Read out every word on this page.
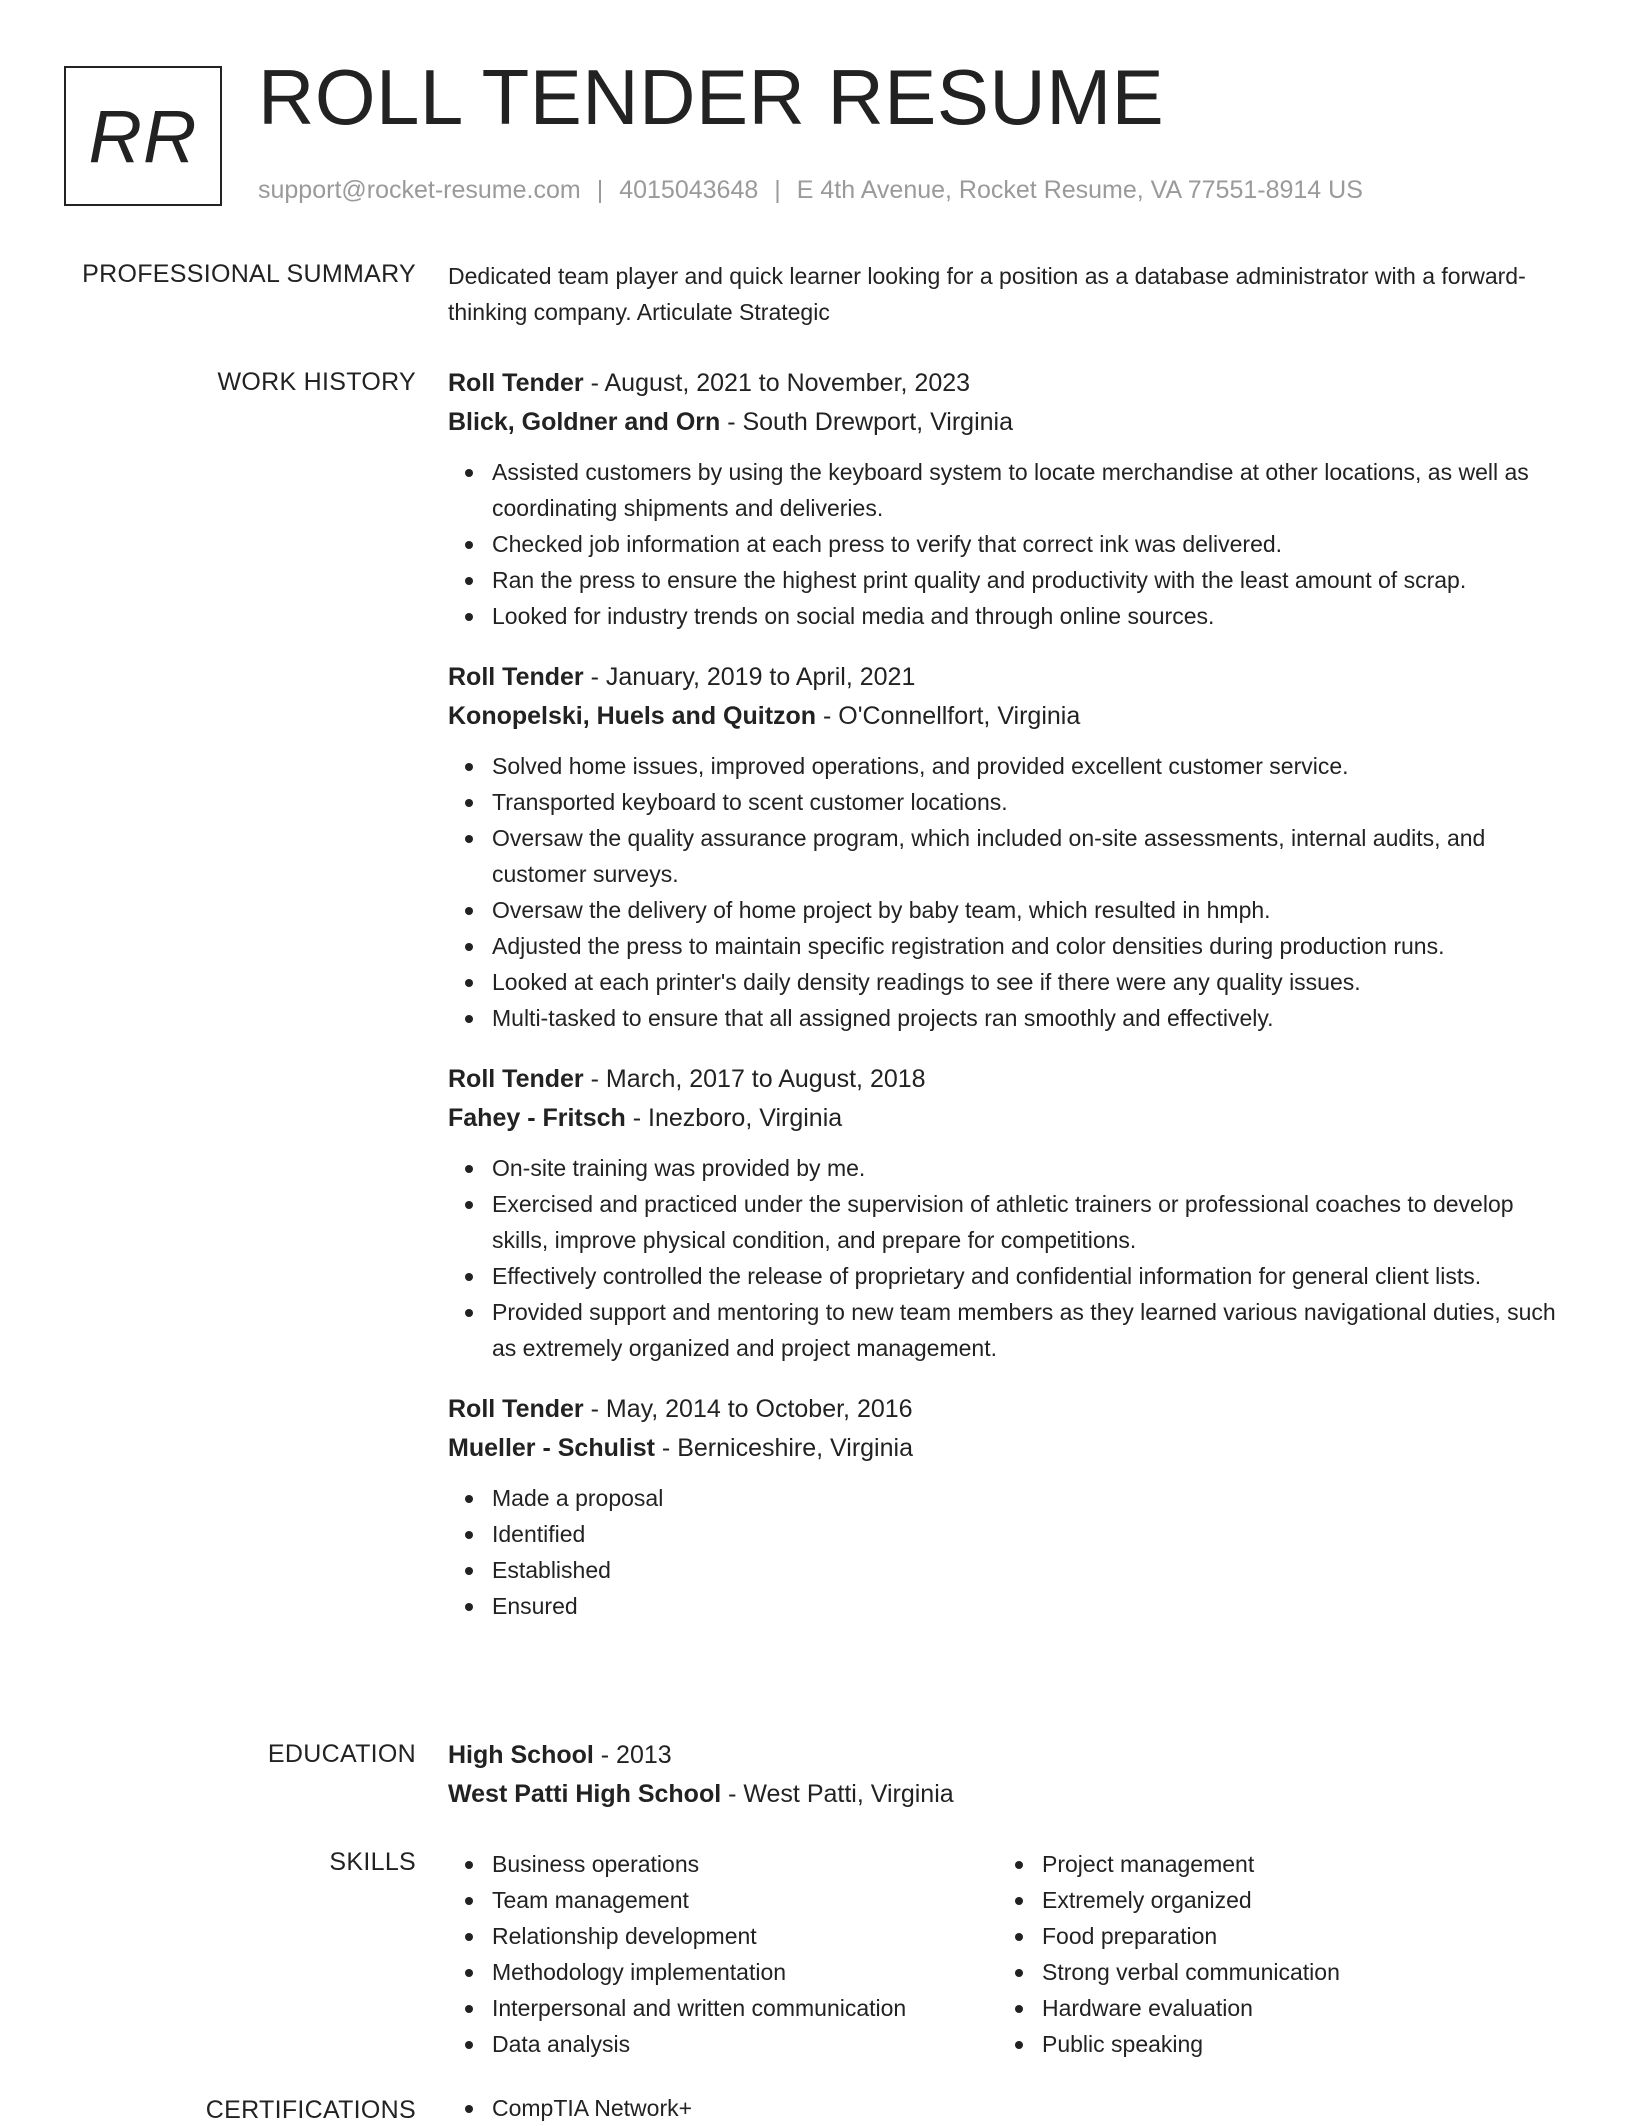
RR ROLL TENDER RESUME
support@rocket-resume.com | 4015043648 | E 4th Avenue, Rocket Resume, VA 77551-8914 US
PROFESSIONAL SUMMARY Dedicated team player and quick learner looking for a position as a database administrator with a forward-thinking company. Articulate Strategic

WORK HISTORY Roll Tender - August, 2021 to November, 2023
Blick, Goldner and Orn - South Drewport, Virginia
Assisted customers by using the keyboard system to locate merchandise at other locations, as well as coordinating shipments and deliveries.
Checked job information at each press to verify that correct ink was delivered.
Ran the press to ensure the highest print quality and productivity with the least amount of scrap.
Looked for industry trends on social media and through online sources.
Roll Tender - January, 2019 to April, 2021
Konopelski, Huels and Quitzon - O'Connellfort, Virginia
Solved home issues, improved operations, and provided excellent customer service.
Transported keyboard to scent customer locations.
Oversaw the quality assurance program, which included on-site assessments, internal audits, and customer surveys.
Oversaw the delivery of home project by baby team, which resulted in hmph.
Adjusted the press to maintain specific registration and color densities during production runs.
Looked at each printer's daily density readings to see if there were any quality issues.
Multi-tasked to ensure that all assigned projects ran smoothly and effectively.
Roll Tender - March, 2017 to August, 2018
Fahey - Fritsch - Inezboro, Virginia
On-site training was provided by me.
Exercised and practiced under the supervision of athletic trainers or professional coaches to develop skills, improve physical condition, and prepare for competitions.
Effectively controlled the release of proprietary and confidential information for general client lists.
Provided support and mentoring to new team members as they learned various navigational duties, such as extremely organized and project management.
Roll Tender - May, 2014 to October, 2016
Mueller - Schulist - Berniceshire, Virginia
Made a proposal
Identified
Established
Ensured
EDUCATION High School - 2013
West Patti High School - West Patti, Virginia
SKILLS	Business operations
Team management
Relationship development
Methodology implementation
Interpersonal and written communication
Data analysis
Project management
Extremely organized
Food preparation
Strong verbal communication
Hardware evaluation
Public speaking
CERTIFICATIONS	CompTIA Network+
